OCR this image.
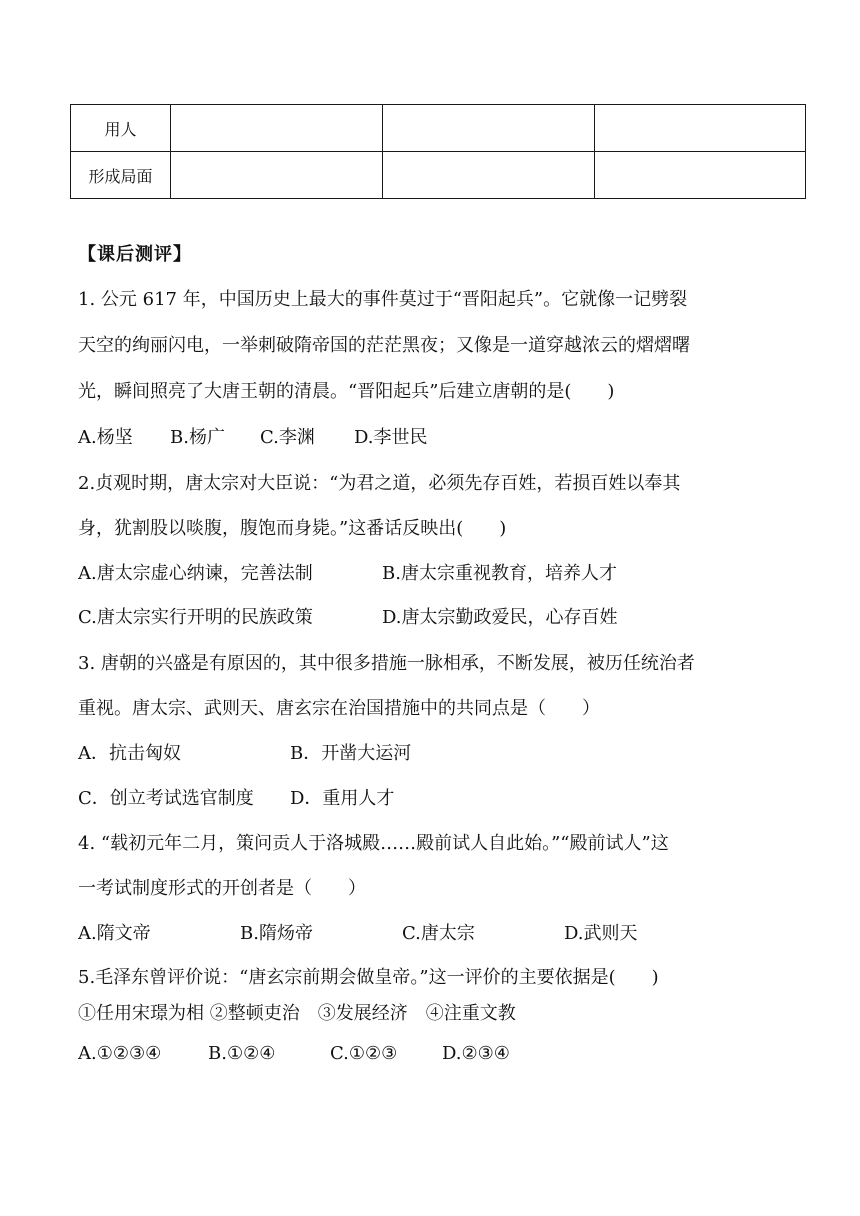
用人			
形成局面			
【课后测评】
1. 公元 617 年，中国历史上最大的事件莫过于“晋阳起兵”。它就像一记劈裂
天空的绚丽闪电，一举刺破隋帝国的茫茫黑夜；又像是一道穿越浓云的熠熠曙
光，瞬间照亮了大唐王朝的清晨。“晋阳起兵”后建立唐朝的是(　　)
A.杨坚	B.杨广	C.李渊	D.李世民
2.贞观时期，唐太宗对大臣说：“为君之道，必须先存百姓，若损百姓以奉其
身，犹割股以啖腹，腹饱而身毙。”这番话反映出(　　)
A.唐太宗虚心纳谏，完善法制	B.唐太宗重视教育，培养人才
C.唐太宗实行开明的民族政策	D.唐太宗勤政爱民，心存百姓
3. 唐朝的兴盛是有原因的，其中很多措施一脉相承，不断发展，被历任统治者
重视。唐太宗、武则天、唐玄宗在治国措施中的共同点是（　　）
A．抗击匈奴	B．开凿大运河
C．创立考试选官制度	D．重用人才
4. “载初元年二月，策问贡人于洛城殿……殿前试人自此始。”“殿前试人”这
一考试制度形式的开创者是（　　）
A.隋文帝	B.隋炀帝	C.唐太宗	D.武则天
5.毛泽东曾评价说：“唐玄宗前期会做皇帝。”这一评价的主要依据是(　　)
①任用宋璟为相 ②整顿吏治　③发展经济　④注重文教
A.①②③④	B.①②④	C.①②③	D.②③④
